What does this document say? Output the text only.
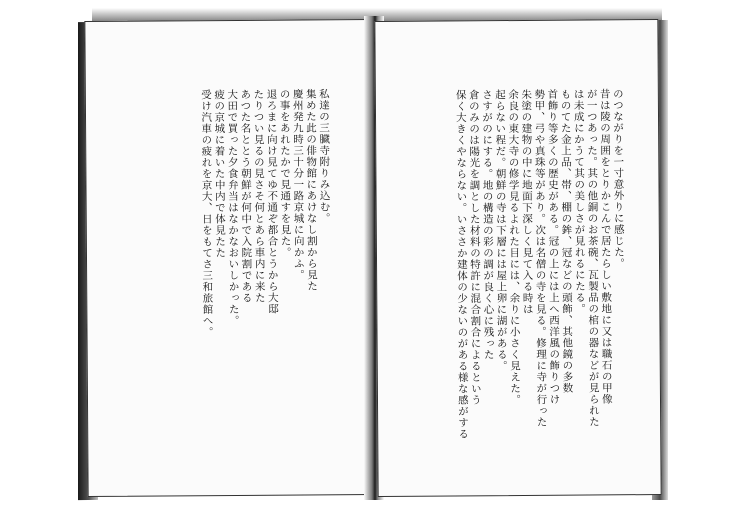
私達の三臓寺附りみ込む。
集めた此の俳物館にあけなし割から見た
慶州発九時三十分一路京城に向かふ。
の事をあれたかで見通すを見た。
退ろまに向け見てゆ不通ぞ都合とうから大邸
たりつい見るの見さそ何とあら車内に来た
あつた名ととう朝鮮が何中で入院割である
大田で買った夕食弁当はなかなおいしかった。
疲の京城に着いた中内で体見たた
受け汽車の疲れを京大、日をもてさ三和旅館へ。	のつながりを一寸意外りに感じた。
昔は陵の周囲をとりかこんで居たらしい敷地に又は職石の甲像
が一つあった。其の他銅のお茶碗、瓦製品の棺の器などが見られた
は未成にかうて其の美しさが見れるにたる。
ものてた金上品、帯、棚の鉾、冠などの頭飾、其他鏡の多数
首飾り等多くの歴史がある。冠の上には上へ西洋風の飾りつけ
勢甲、弓や真珠等があり。次は名僧の寺を見る。修理に寺が行った
朱塗の建物の中に地面下深しく見て入る時は
余良の東大寺の修学見るよれた目には、余りに小さく見えた。
起らない程だ。朝鮮の寺は下層には屋上卵に湖がある。
さすがのにする。地の構造の彩の調が良く心に残った
倉のみのは陽光を調とした材料の特許に混合割合によるという
保く大きくやならない。いささか建体の少ないのがある様な感がする
